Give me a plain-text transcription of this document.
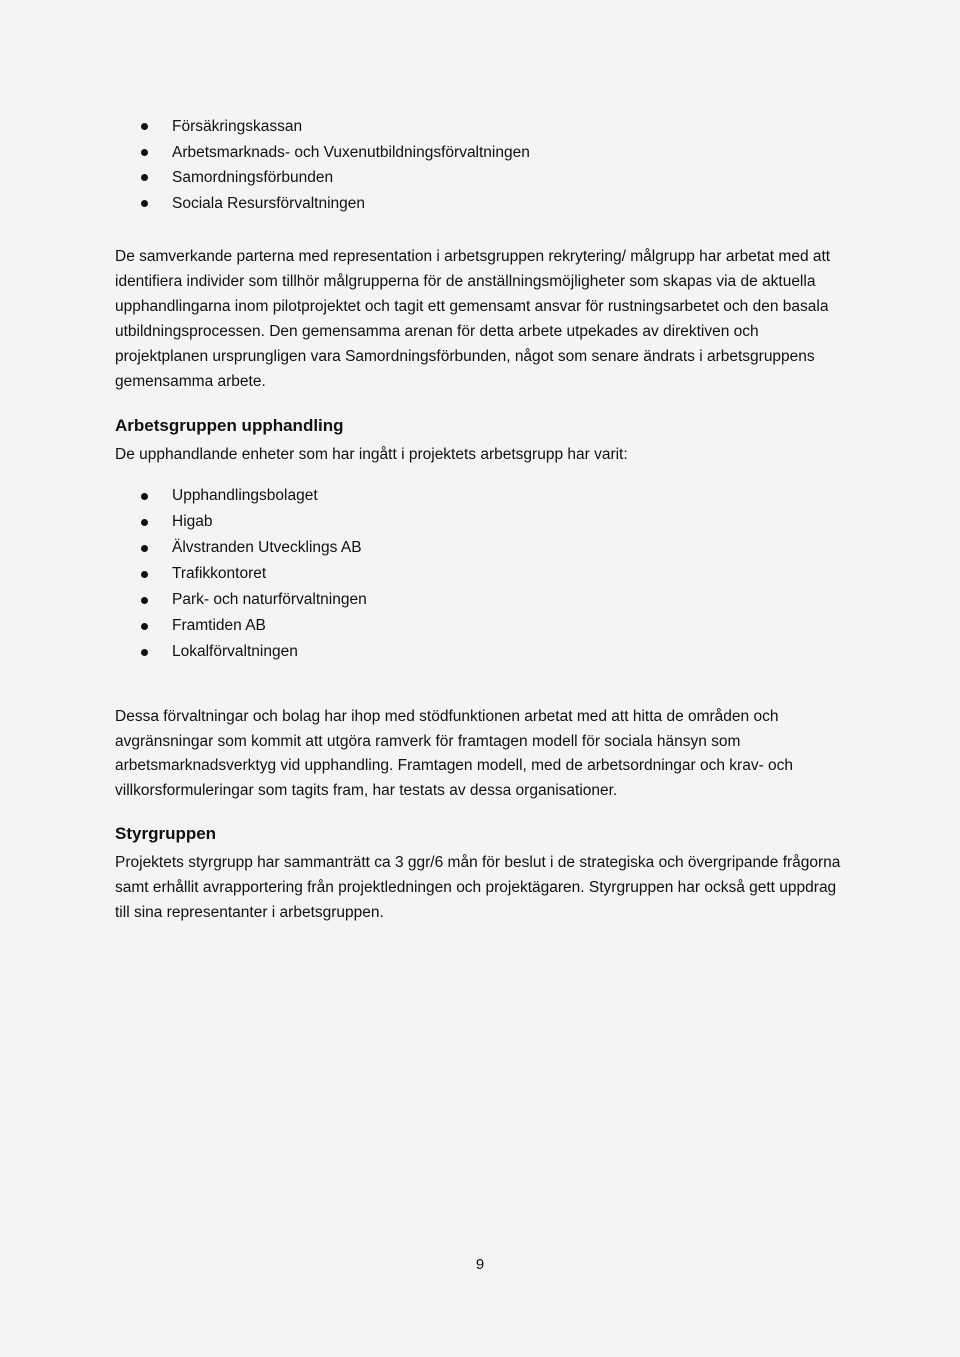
Försäkringskassan
Arbetsmarknads- och Vuxenutbildningsförvaltningen
Samordningsförbunden
Sociala Resursförvaltningen

De samverkande parterna med representation i arbetsgruppen rekrytering/ målgrupp har arbetat med att identifiera individer som tillhör målgrupperna för de anställningsmöjligheter som skapas via de aktuella upphandlingarna inom pilotprojektet och tagit ett gemensamt ansvar för rustningsarbetet och den basala utbildningsprocessen. Den gemensamma arenan för detta arbete utpekades av direktiven och projektplanen ursprungligen vara Samordningsförbunden, något som senare ändrats i arbetsgruppens gemensamma arbete.

Arbetsgruppen upphandling

De upphandlande enheter som har ingått i projektets arbetsgrupp har varit:

Upphandlingsbolaget
Higab
Älvstranden Utvecklings AB
Trafikkontoret
Park- och naturförvaltningen
Framtiden AB
Lokalförvaltningen

Dessa förvaltningar och bolag har ihop med stödfunktionen arbetat med att hitta de områden och avgränsningar som kommit att utgöra ramverk för framtagen modell för sociala hänsyn som arbetsmarknadsverktyg vid upphandling. Framtagen modell, med de arbetsordningar och krav- och villkorsformuleringar som tagits fram, har testats av dessa organisationer.

Styrgruppen

Projektets styrgrupp har sammanträtt ca 3 ggr/6 mån för beslut i de strategiska och övergripande frågorna samt erhållit avrapportering från projektledningen och projektägaren. Styrgruppen har också gett uppdrag till sina representanter i arbetsgruppen.

9
